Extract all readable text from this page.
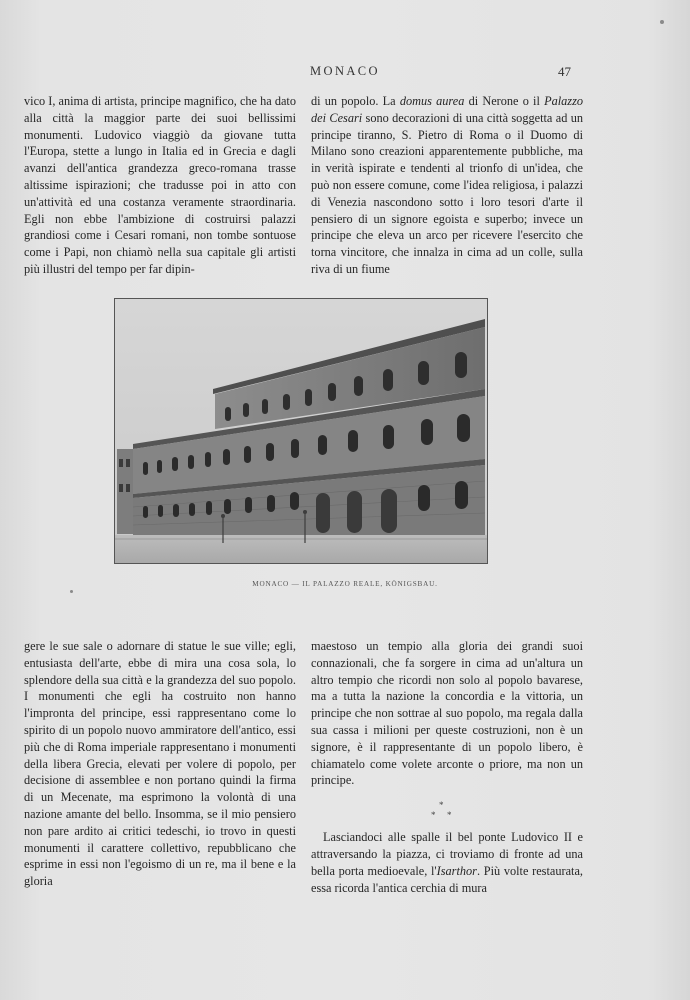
MONACO	47

vico I, anima di artista, principe magnifico, che ha dato alla città la maggior parte dei suoi bellissimi monumenti. Ludovico viaggiò da giovane tutta l'Europa, stette a lungo in Italia ed in Grecia e dagli avanzi dell'antica grandezza greco-romana trasse altissime ispirazioni; che tradusse poi in atto con un'attività ed una costanza veramente straordinaria. Egli non ebbe l'ambizione di costruirsi palazzi grandiosi come i Cesari romani, non tombe sontuose come i Papi, non chiamò nella sua capitale gli artisti più illustri del tempo per far dipin-

di un popolo. La domus aurea di Nerone o il Palazzo dei Cesari sono decorazioni di una città soggetta ad un principe tiranno, S. Pietro di Roma o il Duomo di Milano sono creazioni apparentemente pubbliche, ma in verità ispirate e tendenti al trionfo di un'idea, che può non essere comune, come l'idea religiosa, i palazzi di Venezia nascondono sotto i loro tesori d'arte il pensiero di un signore egoista e superbo; invece un principe che eleva un arco per ricevere l'esercito che torna vincitore, che innalza in cima ad un colle, sulla riva di un fiume

MONACO — IL PALAZZO REALE, KÖNIGSBAU.

gere le sue sale o adornare di statue le sue ville; egli, entusiasta dell'arte, ebbe di mira una cosa sola, lo splendore della sua città e la grandezza del suo popolo. I monumenti che egli ha costruito non hanno l'impronta del principe, essi rappresentano come lo spirito di un popolo nuovo ammiratore dell'antico, essi più che di Roma imperiale rappresentano i monumenti della libera Grecia, elevati per volere di popolo, per decisione di assemblee e non portano quindi la firma di un Mecenate, ma esprimono la volontà di una nazione amante del bello. Insomma, se il mio pensiero non pare ardito ai critici tedeschi, io trovo in questi monumenti il carattere collettivo, repubblicano che esprime in essi non l'egoismo di un re, ma il bene e la gloria

maestoso un tempio alla gloria dei grandi suoi connazionali, che fa sorgere in cima ad un'altura un altro tempio che ricordi non solo al popolo bavarese, ma a tutta la nazione la concordia e la vittoria, un principe che non sottrae al suo popolo, ma regala dalla sua cassa i milioni per queste costruzioni, non è un signore, è il rappresentante di un popolo libero, è chiamatelo come volete arconte o priore, ma non un principe.

*
* *

Lasciandoci alle spalle il bel ponte Ludovico II e attraversando la piazza, ci troviamo di fronte ad una bella porta medioevale, l'Isarthor. Più volte restaurata, essa ricorda l'antica cerchia di mura
